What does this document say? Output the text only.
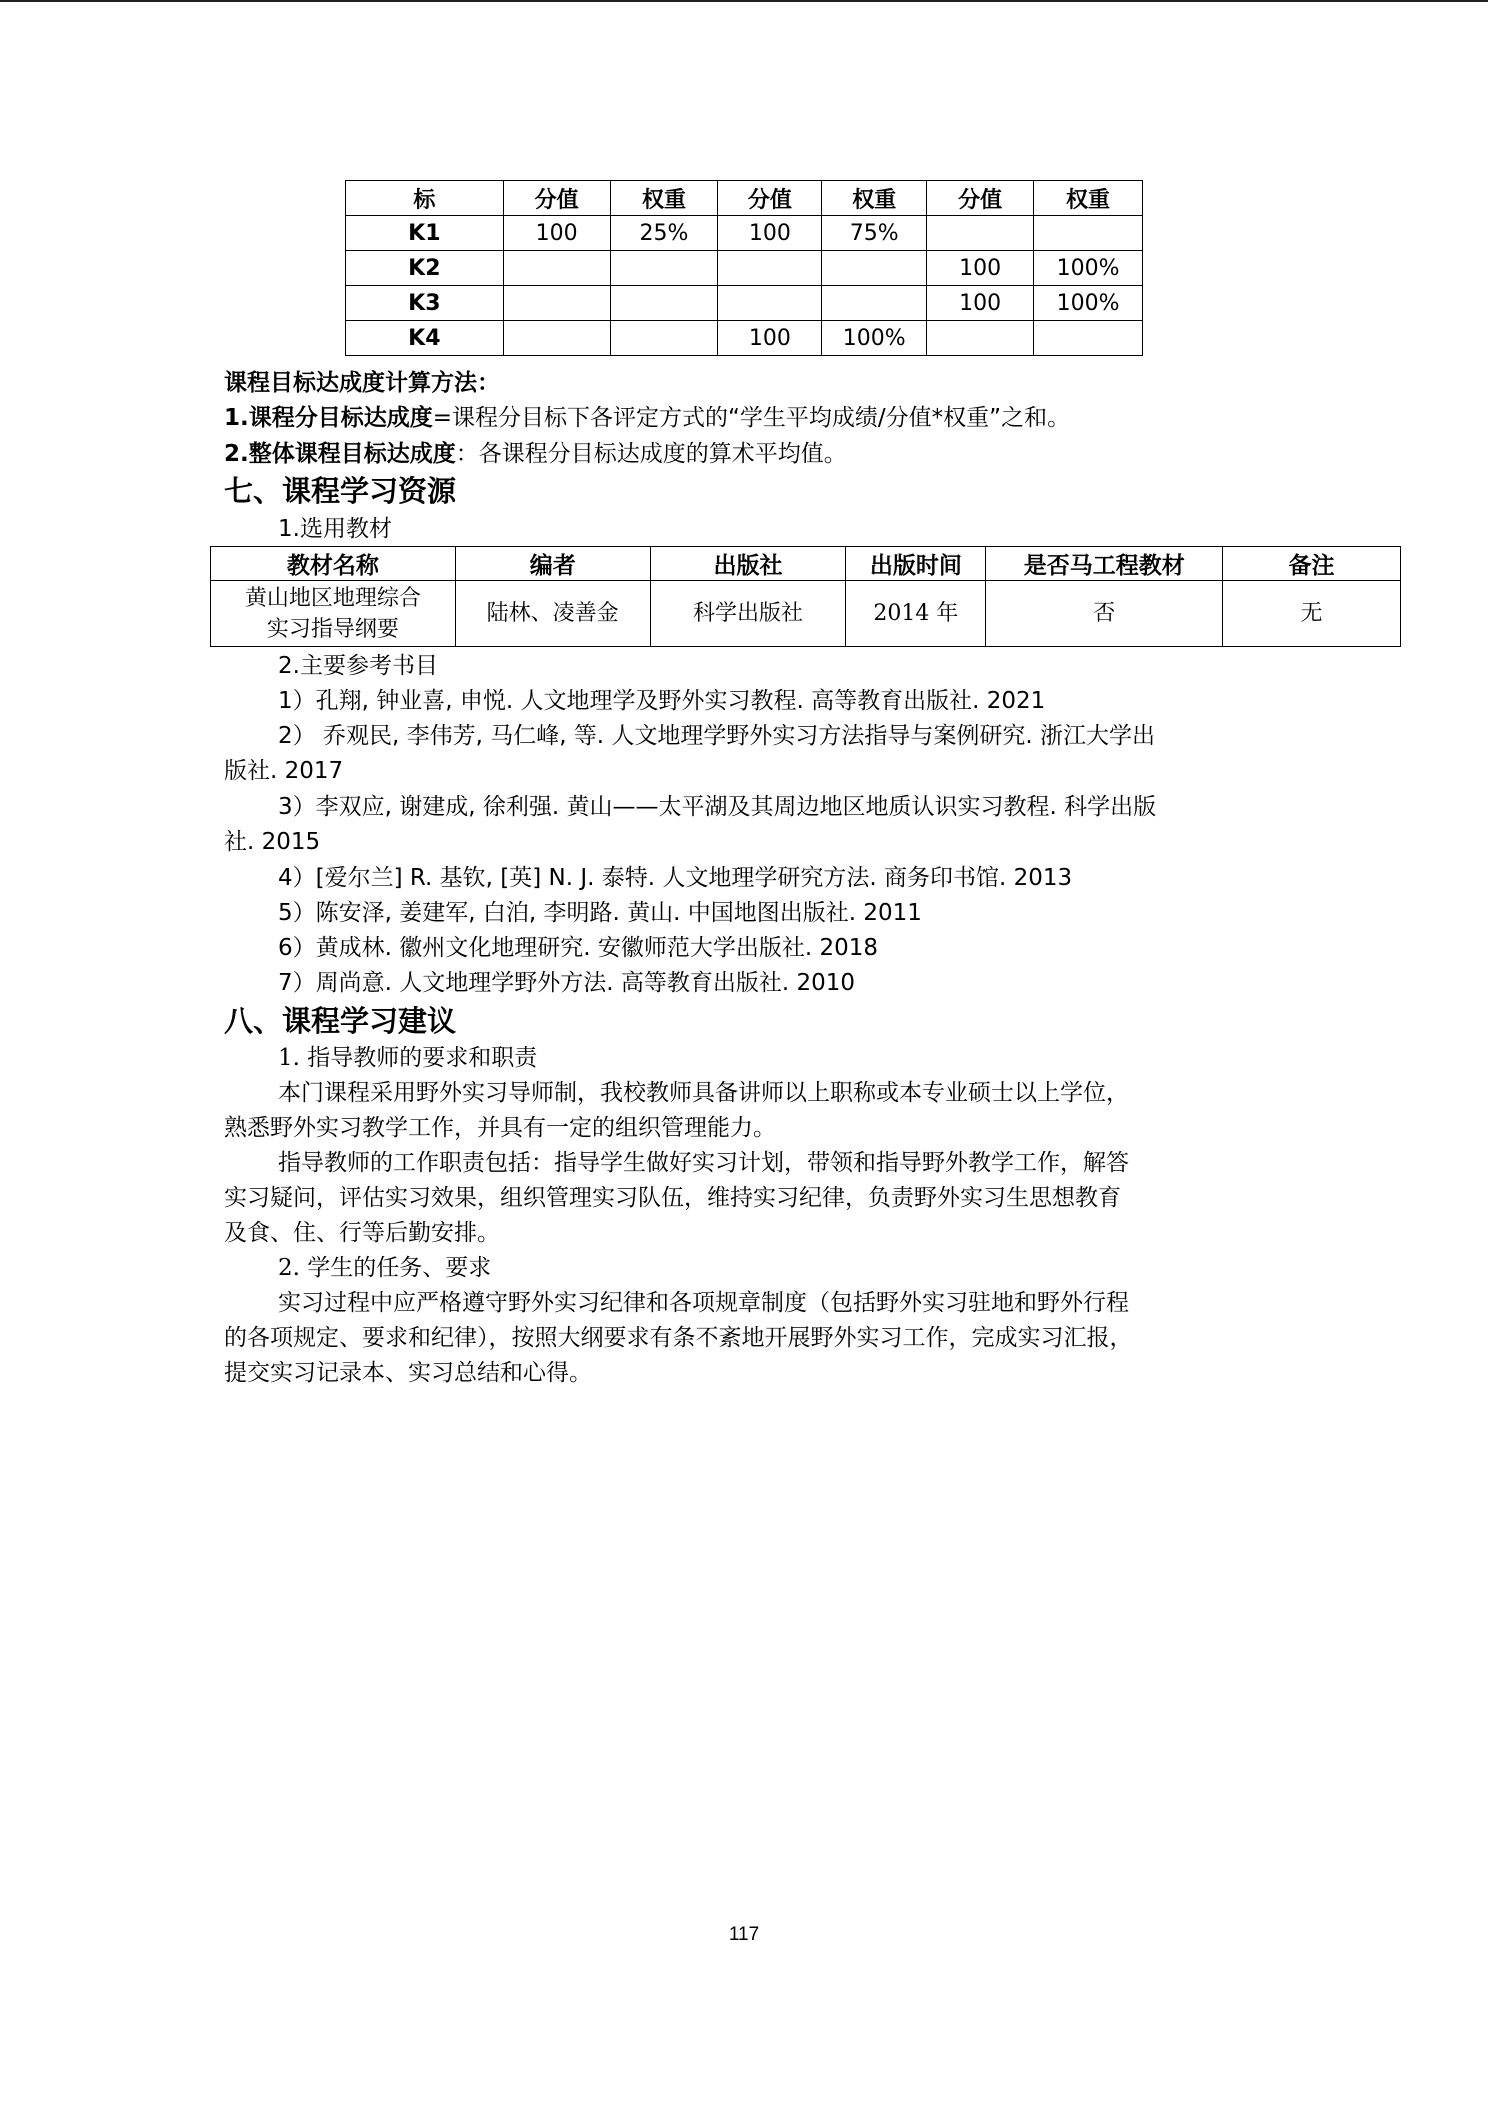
标	分值	权重	分值	权重	分值	权重
K1	100	25%	100	75%		
K2					100	100%
K3					100	100%
K4			100	100%		
课程目标达成度计算方法：
1.课程分目标达成度=课程分目标下各评定方式的“学生平均成绩/分值*权重”之和。
2.整体课程目标达成度：各课程分目标达成度的算术平均值。
七、课程学习资源
1.选用教材
教材名称	编者	出版社	出版时间	是否马工程教材	备注
黄山地区地理综合
实习指导纲要	陆林、凌善金	科学出版社	2014 年	否	无
2.主要参考书目
1）孔翔, 钟业喜, 申悦. 人文地理学及野外实习教程. 高等教育出版社. 2021
2） 乔观民, 李伟芳, 马仁峰, 等. 人文地理学野外实习方法指导与案例研究. 浙江大学出
版社. 2017
3）李双应, 谢建成, 徐利强. 黄山——太平湖及其周边地区地质认识实习教程. 科学出版
社. 2015
4）[爱尔兰] R. 基钦, [英] N. J. 泰特. 人文地理学研究方法. 商务印书馆. 2013
5）陈安泽, 姜建军, 白泊, 李明路. 黄山. 中国地图出版社. 2011
6）黄成林. 徽州文化地理研究. 安徽师范大学出版社. 2018
7）周尚意. 人文地理学野外方法. 高等教育出版社. 2010
八、课程学习建议
1. 指导教师的要求和职责
本门课程采用野外实习导师制，我校教师具备讲师以上职称或本专业硕士以上学位，
熟悉野外实习教学工作，并具有一定的组织管理能力。
指导教师的工作职责包括：指导学生做好实习计划，带领和指导野外教学工作，解答
实习疑问，评估实习效果，组织管理实习队伍，维持实习纪律，负责野外实习生思想教育
及食、住、行等后勤安排。
2. 学生的任务、要求
实习过程中应严格遵守野外实习纪律和各项规章制度（包括野外实习驻地和野外行程
的各项规定、要求和纪律），按照大纲要求有条不紊地开展野外实习工作，完成实习汇报，
提交实习记录本、实习总结和心得。
117
